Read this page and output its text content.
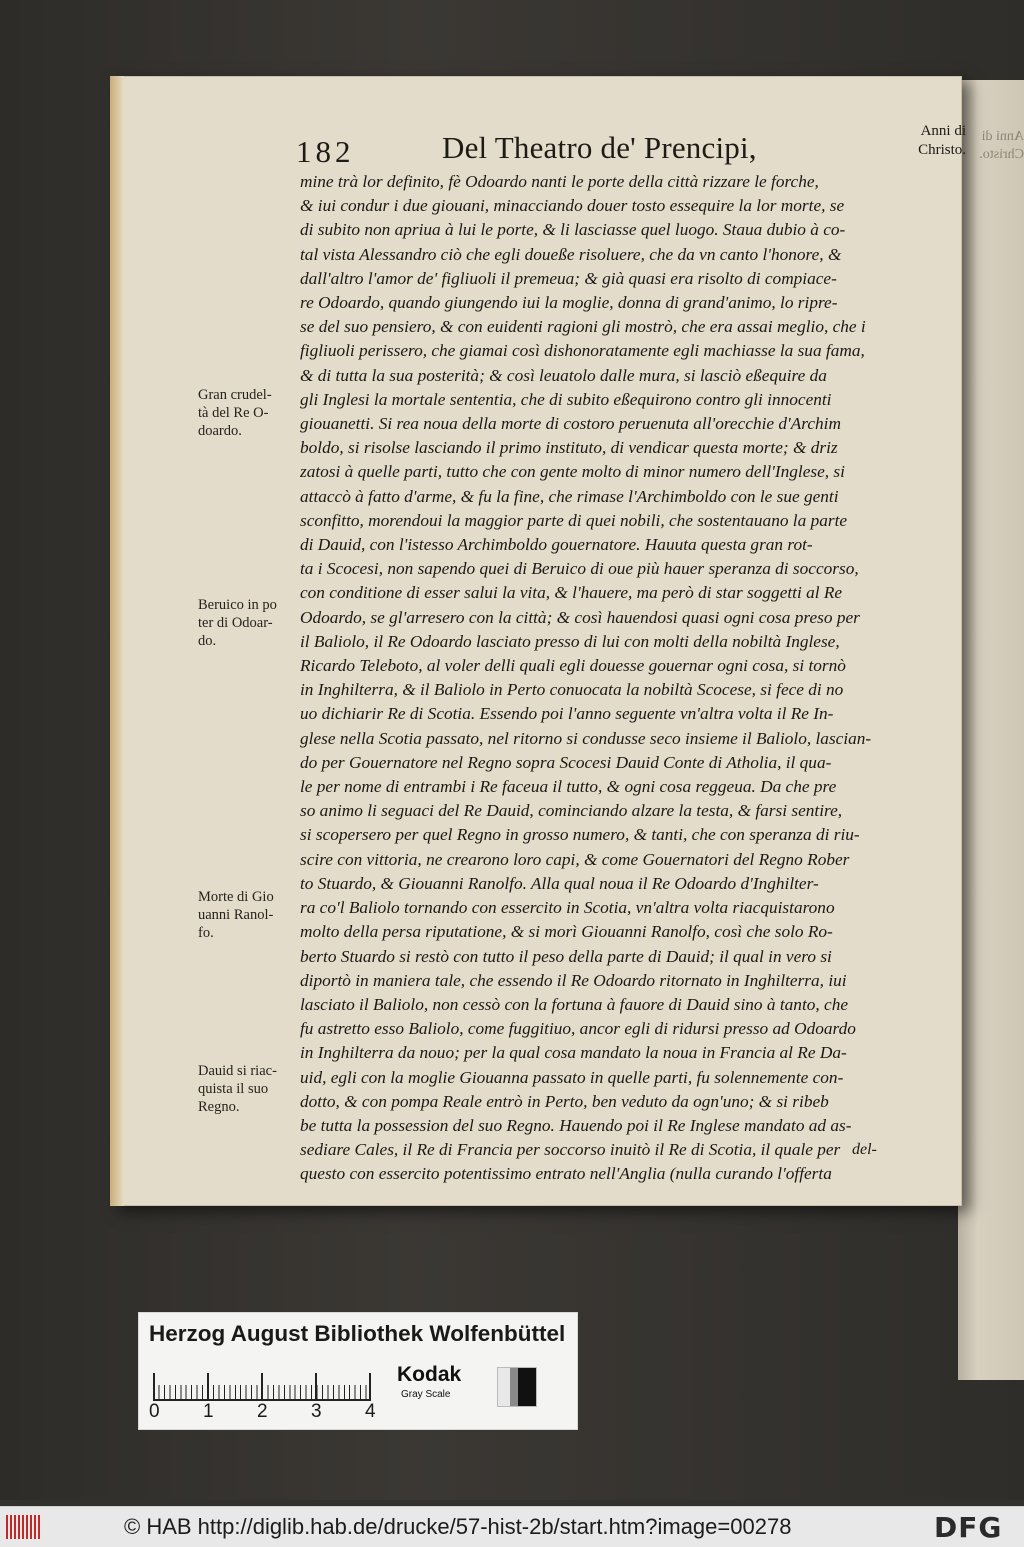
Anni di
Christo.
182	Del Theatro de' Prencipi,	Anni di
Christo.
mine trà lor definito, fè Odoardo nanti le porte della città rizzare le forche,
& iui condur i due giouani, minacciando douer tosto essequire la lor morte, se
di subito non apriua à lui le porte, & li lasciasse quel luogo. Staua dubio à co-
tal vista Alessandro ciò che egli doueße risoluere, che da vn canto l'honore, &
dall'altro l'amor de' figliuoli il premeua; & già quasi era risolto di compiace-
re Odoardo, quando giungendo iui la moglie, donna di grand'animo, lo ripre-
se del suo pensiero, & con euidenti ragioni gli mostrò, che era assai meglio, che i
figliuoli perissero, che giamai così dishonoratamente egli machiasse la sua fama,
& di tutta la sua posterità; & così leuatolo dalle mura, si lasciò eßequire da
gli Inglesi la mortale sententia, che di subito eßequirono contro gli innocenti
giouanetti. Si rea noua della morte di costoro peruenuta all'orecchie d'Archim
boldo, si risolse lasciando il primo instituto, di vendicar questa morte; & driz
zatosi à quelle parti, tutto che con gente molto di minor numero dell'Inglese, si
attaccò à fatto d'arme, & fu la fine, che rimase l'Archimboldo con le sue genti
sconfitto, morendoui la maggior parte di quei nobili, che sostentauano la parte
di Dauid, con l'istesso Archimboldo gouernatore. Hauuta questa gran rot-
ta i Scocesi, non sapendo quei di Beruico di oue più hauer speranza di soccorso,
con conditione di esser salui la vita, & l'hauere, ma però di star soggetti al Re
Odoardo, se gl'arresero con la città; & così hauendosi quasi ogni cosa preso per
il Baliolo, il Re Odoardo lasciato presso di lui con molti della nobiltà Inglese,
Ricardo Teleboto, al voler delli quali egli douesse gouernar ogni cosa, si tornò
in Inghilterra, & il Baliolo in Perto conuocata la nobiltà Scocese, si fece di no
uo dichiarir Re di Scotia. Essendo poi l'anno seguente vn'altra volta il Re In-
glese nella Scotia passato, nel ritorno si condusse seco insieme il Baliolo, lascian-
do per Gouernatore nel Regno sopra Scocesi Dauid Conte di Atholia, il qua-
le per nome di entrambi i Re faceua il tutto, & ogni cosa reggeua. Da che pre
so animo li seguaci del Re Dauid, cominciando alzare la testa, & farsi sentire,
si scopersero per quel Regno in grosso numero, & tanti, che con speranza di riu-
scire con vittoria, ne crearono loro capi, & come Gouernatori del Regno Rober
to Stuardo, & Giouanni Ranolfo. Alla qual noua il Re Odoardo d'Inghilter-
ra co'l Baliolo tornando con essercito in Scotia, vn'altra volta riacquistarono
molto della persa riputatione, & si morì Giouanni Ranolfo, così che solo Ro-
berto Stuardo si restò con tutto il peso della parte di Dauid; il qual in vero si
diportò in maniera tale, che essendo il Re Odoardo ritornato in Inghilterra, iui
lasciato il Baliolo, non cessò con la fortuna à fauore di Dauid sino à tanto, che
fu astretto esso Baliolo, come fuggitiuo, ancor egli di ridursi presso ad Odoardo
in Inghilterra da nouo; per la qual cosa mandato la noua in Francia al Re Da-
uid, egli con la moglie Giouanna passato in quelle parti, fu solennemente con-
dotto, & con pompa Reale entrò in Perto, ben veduto da ogn'uno; & si ribeb
be tutta la possession del suo Regno. Hauendo poi il Re Inglese mandato ad as-
sediare Cales, il Re di Francia per soccorso inuitò il Re di Scotia, il quale per
questo con essercito potentissimo entrato nell'Anglia (nulla curando l'offerta
Gran crudel-
tà del Re O-
doardo.
Beruico in po
ter di Odoar-
do.
Morte di Gio
uanni Ranol-
fo.
Dauid si riac-
quista il suo
Regno.
del-
Herzog August Bibliothek Wolfenbüttel
0 1 2 3 4
Kodak
Gray Scale
© HAB http://diglib.hab.de/drucke/57-hist-2b/start.htm?image=00278	DFG
